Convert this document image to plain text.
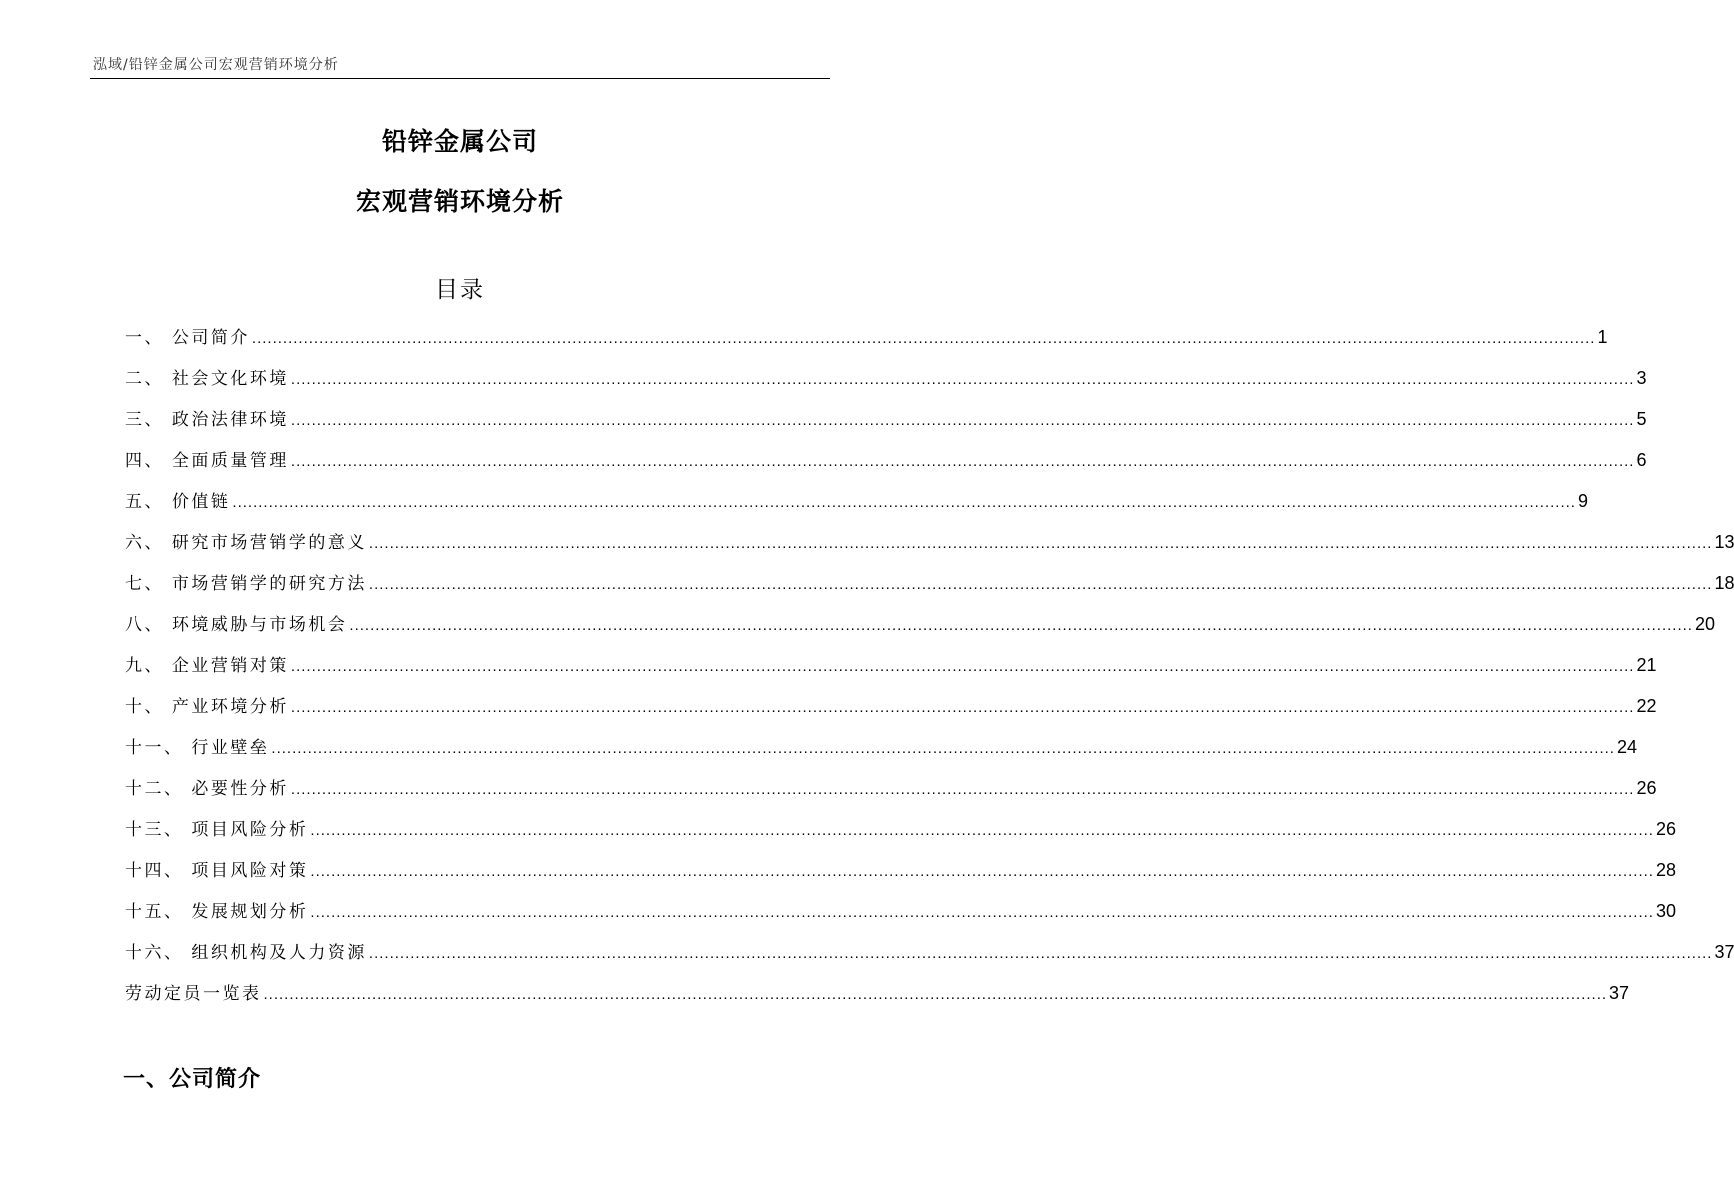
泓域/铅锌金属公司宏观营销环境分析
铅锌金属公司
宏观营销环境分析
目录
一、 公司简介 .................................................................................................................................................................................................................................................................... 1
二、 社会文化环境 .................................................................................................................................................................................................................................................................... 3
三、 政治法律环境 .................................................................................................................................................................................................................................................................... 5
四、 全面质量管理 .................................................................................................................................................................................................................................................................... 6
五、 价值链 .................................................................................................................................................................................................................................................................... 9
六、 研究市场营销学的意义 .................................................................................................................................................................................................................................................................... 13
七、 市场营销学的研究方法 .................................................................................................................................................................................................................................................................... 18
八、 环境威胁与市场机会 .................................................................................................................................................................................................................................................................... 20
九、 企业营销对策 .................................................................................................................................................................................................................................................................... 21
十、 产业环境分析 .................................................................................................................................................................................................................................................................... 22
十一、 行业壁垒 .................................................................................................................................................................................................................................................................... 24
十二、 必要性分析 .................................................................................................................................................................................................................................................................... 26
十三、 项目风险分析 .................................................................................................................................................................................................................................................................... 26
十四、 项目风险对策 .................................................................................................................................................................................................................................................................... 28
十五、 发展规划分析 .................................................................................................................................................................................................................................................................... 30
十六、 组织机构及人力资源 .................................................................................................................................................................................................................................................................... 37
劳动定员一览表 .................................................................................................................................................................................................................................................................... 37
一、公司简介
